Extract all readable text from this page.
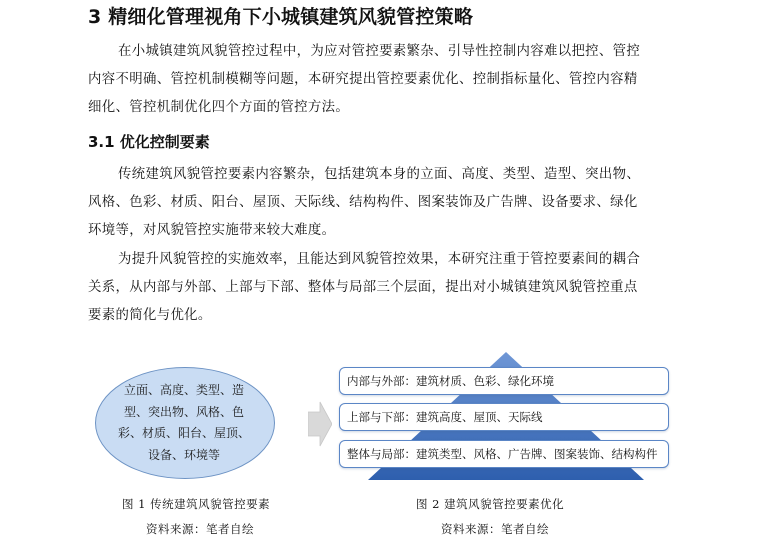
3 精细化管理视角下小城镇建筑风貌管控策略
在小城镇建筑风貌管控过程中，为应对管控要素繁杂、引导性控制内容难以把控、管控
内容不明确、管控机制模糊等问题，本研究提出管控要素优化、控制指标量化、管控内容精
细化、管控机制优化四个方面的管控方法。
3.1 优化控制要素
传统建筑风貌管控要素内容繁杂，包括建筑本身的立面、高度、类型、造型、突出物、
风格、色彩、材质、阳台、屋顶、天际线、结构构件、图案装饰及广告牌、设备要求、绿化
环境等，对风貌管控实施带来较大难度。
为提升风貌管控的实施效率，且能达到风貌管控效果，本研究注重于管控要素间的耦合
关系，从内部与外部、上部与下部、整体与局部三个层面，提出对小城镇建筑风貌管控重点
要素的简化与优化。
立面、高度、类型、造
型、突出物、风格、色
彩、材质、阳台、屋顶、
设备、环境等
内部与外部：建筑材质、色彩、绿化环境
上部与下部：建筑高度、屋顶、天际线
整体与局部：建筑类型、风格、广告牌、图案装饰、结构构件
图 1 传统建筑风貌管控要素
资料来源：笔者自绘
图 2 建筑风貌管控要素优化
资料来源：笔者自绘
